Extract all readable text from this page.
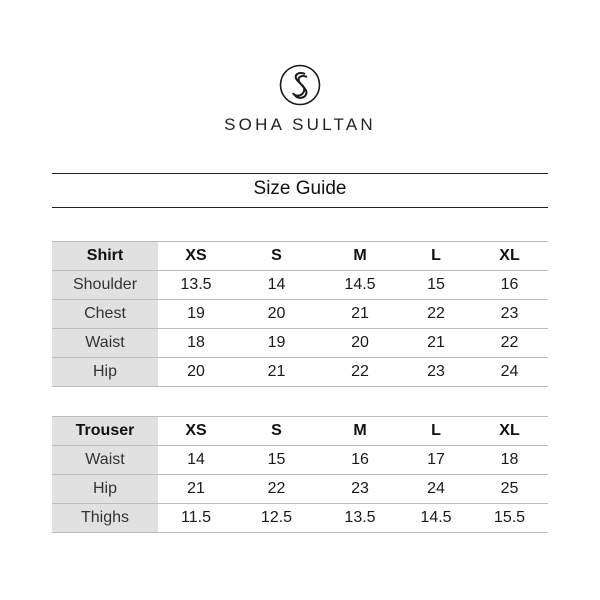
SOHA SULTAN
Size Guide
Shirt	XS	S	M	L	XL
Shoulder	13.5	14	14.5	15	16
Chest	19	20	21	22	23
Waist	18	19	20	21	22
Hip	20	21	22	23	24
Trouser	XS	S	M	L	XL
Waist	14	15	16	17	18
Hip	21	22	23	24	25
Thighs	11.5	12.5	13.5	14.5	15.5
